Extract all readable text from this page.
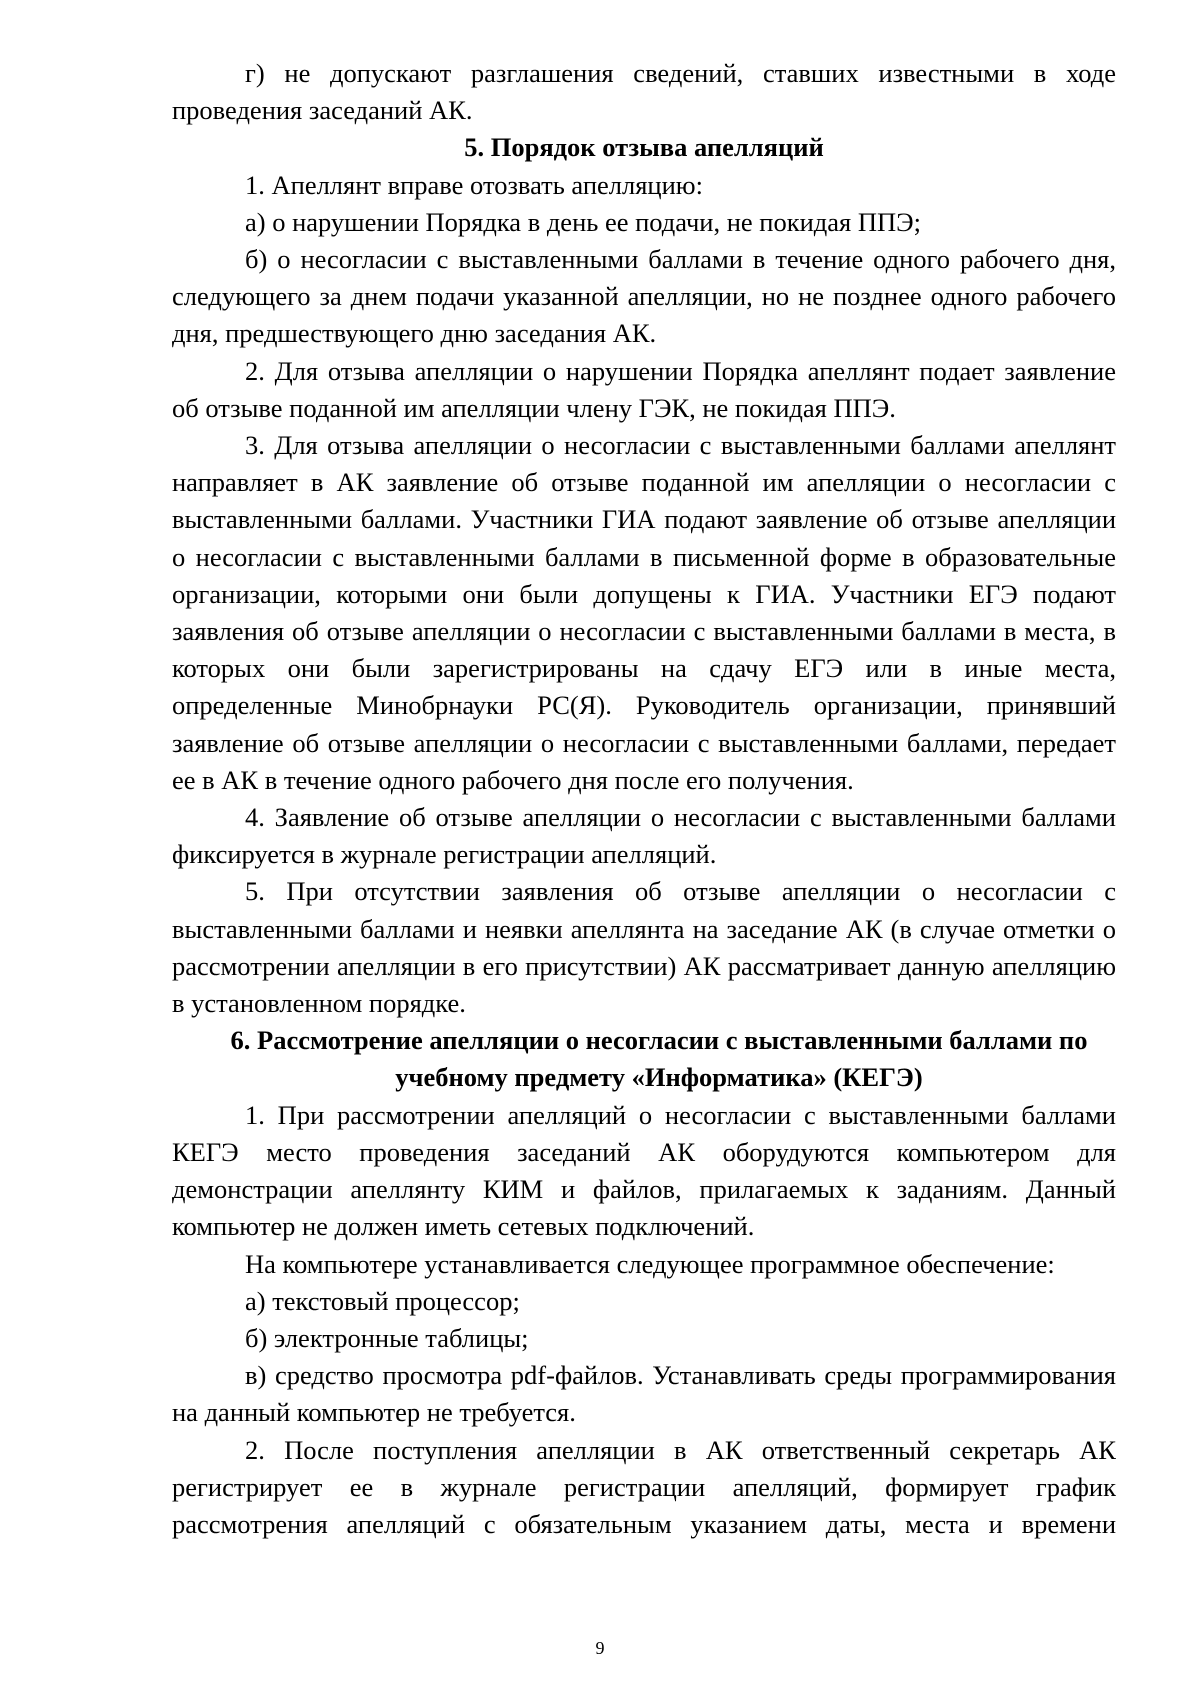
г) не допускают разглашения сведений, ставших известными в ходе проведения заседаний АК.

5. Порядок отзыва апелляций

1. Апеллянт вправе отозвать апелляцию:

а) о нарушении Порядка в день ее подачи, не покидая ППЭ;

б) о несогласии с выставленными баллами в течение одного рабочего дня, следующего за днем подачи указанной апелляции, но не позднее одного рабочего дня, предшествующего дню заседания АК.

2. Для отзыва апелляции о нарушении Порядка апеллянт подает заявление об отзыве поданной им апелляции члену ГЭК, не покидая ППЭ.

3. Для отзыва апелляции о несогласии с выставленными баллами апеллянт направляет в АК заявление об отзыве поданной им апелляции о несогласии с выставленными баллами. Участники ГИА подают заявление об отзыве апелляции о несогласии с выставленными баллами в письменной форме в образовательные организации, которыми они были допущены к ГИА. Участники ЕГЭ подают заявления об отзыве апелляции о несогласии с выставленными баллами в места, в которых они были зарегистрированы на сдачу ЕГЭ или в иные места, определенные Минобрнауки РС(Я). Руководитель организации, принявший заявление об отзыве апелляции о несогласии с выставленными баллами, передает ее в АК в течение одного рабочего дня после его получения.

4. Заявление об отзыве апелляции о несогласии с выставленными баллами фиксируется в журнале регистрации апелляций.

5. При отсутствии заявления об отзыве апелляции о несогласии с выставленными баллами и неявки апеллянта на заседание АК (в случае отметки о рассмотрении апелляции в его присутствии) АК рассматривает данную апелляцию в установленном порядке.

6. Рассмотрение апелляции о несогласии с выставленными баллами по учебному предмету «Информатика» (КЕГЭ)

1. При рассмотрении апелляций о несогласии с выставленными баллами КЕГЭ место проведения заседаний АК оборудуются компьютером для демонстрации апеллянту КИМ и файлов, прилагаемых к заданиям. Данный компьютер не должен иметь сетевых подключений.

На компьютере устанавливается следующее программное обеспечение:

а) текстовый процессор;

б) электронные таблицы;

в) средство просмотра pdf-файлов. Устанавливать среды программирования на данный компьютер не требуется.

2. После поступления апелляции в АК ответственный секретарь АК регистрирует ее в журнале регистрации апелляций, формирует график рассмотрения апелляций с обязательным указанием даты, места и времени

9
